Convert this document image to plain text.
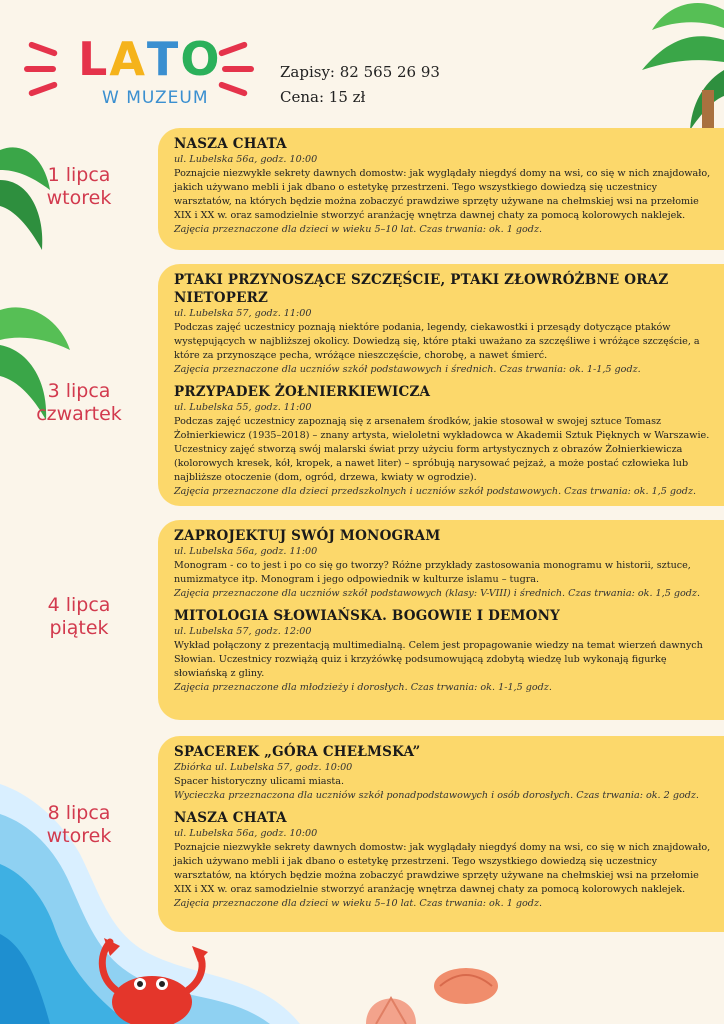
LATO
W MUZEUM
Zapisy: 82 565 26 93
Cena: 15 zł
1 lipca
wtorek
NASZA CHATA
ul. Lubelska 56a, godz. 10:00
Poznajcie niezwykłe sekrety dawnych domostw: jak wyglądały niegdyś domy na wsi, co się w nich znajdowało, jakich używano mebli i jak dbano o estetykę przestrzeni. Tego wszystkiego dowiedzą się uczestnicy warsztatów, na których będzie można zobaczyć prawdziwe sprzęty używane na chełmskiej wsi na przełomie XIX i XX w. oraz samodzielnie stworzyć aranżację wnętrza dawnej chaty za pomocą kolorowych naklejek.
Zajęcia przeznaczone dla dzieci w wieku 5–10 lat. Czas trwania: ok. 1 godz.
3 lipca
czwartek
PTAKI PRZYNOSZĄCE SZCZĘŚCIE, PTAKI ZŁOWRÓŻBNE ORAZ NIETOPERZ
ul. Lubelska 57, godz. 11:00
Podczas zajęć uczestnicy poznają niektóre podania, legendy, ciekawostki i przesądy dotyczące ptaków występujących w najbliższej okolicy. Dowiedzą się, które ptaki uważano za szczęśliwe i wróżące szczęście, a które za przynoszące pecha, wróżące nieszczęście, chorobę, a nawet śmierć.
Zajęcia przeznaczone dla uczniów szkół podstawowych i średnich. Czas trwania: ok. 1-1,5 godz.
PRZYPADEK ŻOŁNIERKIEWICZA
ul. Lubelska 55, godz. 11:00
Podczas zajęć uczestnicy zapoznają się z arsenałem środków, jakie stosował w swojej sztuce Tomasz Żołnierkiewicz (1935–2018) – znany artysta, wieloletni wykładowca w Akademii Sztuk Pięknych w Warszawie. Uczestnicy zajęć stworzą swój malarski świat przy użyciu form artystycznych z obrazów Żołnierkiewicza (kolorowych kresek, kół, kropek, a nawet liter) – spróbują narysować pejzaż, a może postać człowieka lub najbliższe otoczenie (dom, ogród, drzewa, kwiaty w ogrodzie).
Zajęcia przeznaczone dla dzieci przedszkolnych i uczniów szkół podstawowych. Czas trwania: ok. 1,5 godz.
4 lipca
piątek
ZAPROJEKTUJ SWÓJ MONOGRAM
ul. Lubelska 56a, godz. 11:00
Monogram - co to jest i po co się go tworzy? Różne przykłady zastosowania monogramu w historii, sztuce, numizmatyce itp. Monogram i jego odpowiednik w kulturze islamu – tugra.
Zajęcia przeznaczone dla uczniów szkół podstawowych (klasy: V-VIII) i średnich. Czas trwania: ok. 1,5 godz.
MITOLOGIA SŁOWIAŃSKA. BOGOWIE I DEMONY
ul. Lubelska 57, godz. 12:00
Wykład połączony z prezentacją multimedialną. Celem jest propagowanie wiedzy na temat wierzeń dawnych Słowian. Uczestnicy rozwiążą quiz i krzyżówkę podsumowującą zdobytą wiedzę lub wykonają figurkę słowiańską z gliny.
Zajęcia przeznaczone dla młodzieży i dorosłych. Czas trwania: ok. 1-1,5 godz.
8 lipca
wtorek
SPACEREK „GÓRA CHEŁMSKA”
Zbiórka ul. Lubelska 57, godz. 10:00
Spacer historyczny ulicami miasta.
Wycieczka przeznaczona dla uczniów szkół ponadpodstawowych i osób dorosłych. Czas trwania: ok. 2 godz.
NASZA CHATA
ul. Lubelska 56a, godz. 10:00
Poznajcie niezwykłe sekrety dawnych domostw: jak wyglądały niegdyś domy na wsi, co się w nich znajdowało, jakich używano mebli i jak dbano o estetykę przestrzeni. Tego wszystkiego dowiedzą się uczestnicy warsztatów, na których będzie można zobaczyć prawdziwe sprzęty używane na chełmskiej wsi na przełomie XIX i XX w. oraz samodzielnie stworzyć aranżację wnętrza dawnej chaty za pomocą kolorowych naklejek.
Zajęcia przeznaczone dla dzieci w wieku 5–10 lat. Czas trwania: ok. 1 godz.
